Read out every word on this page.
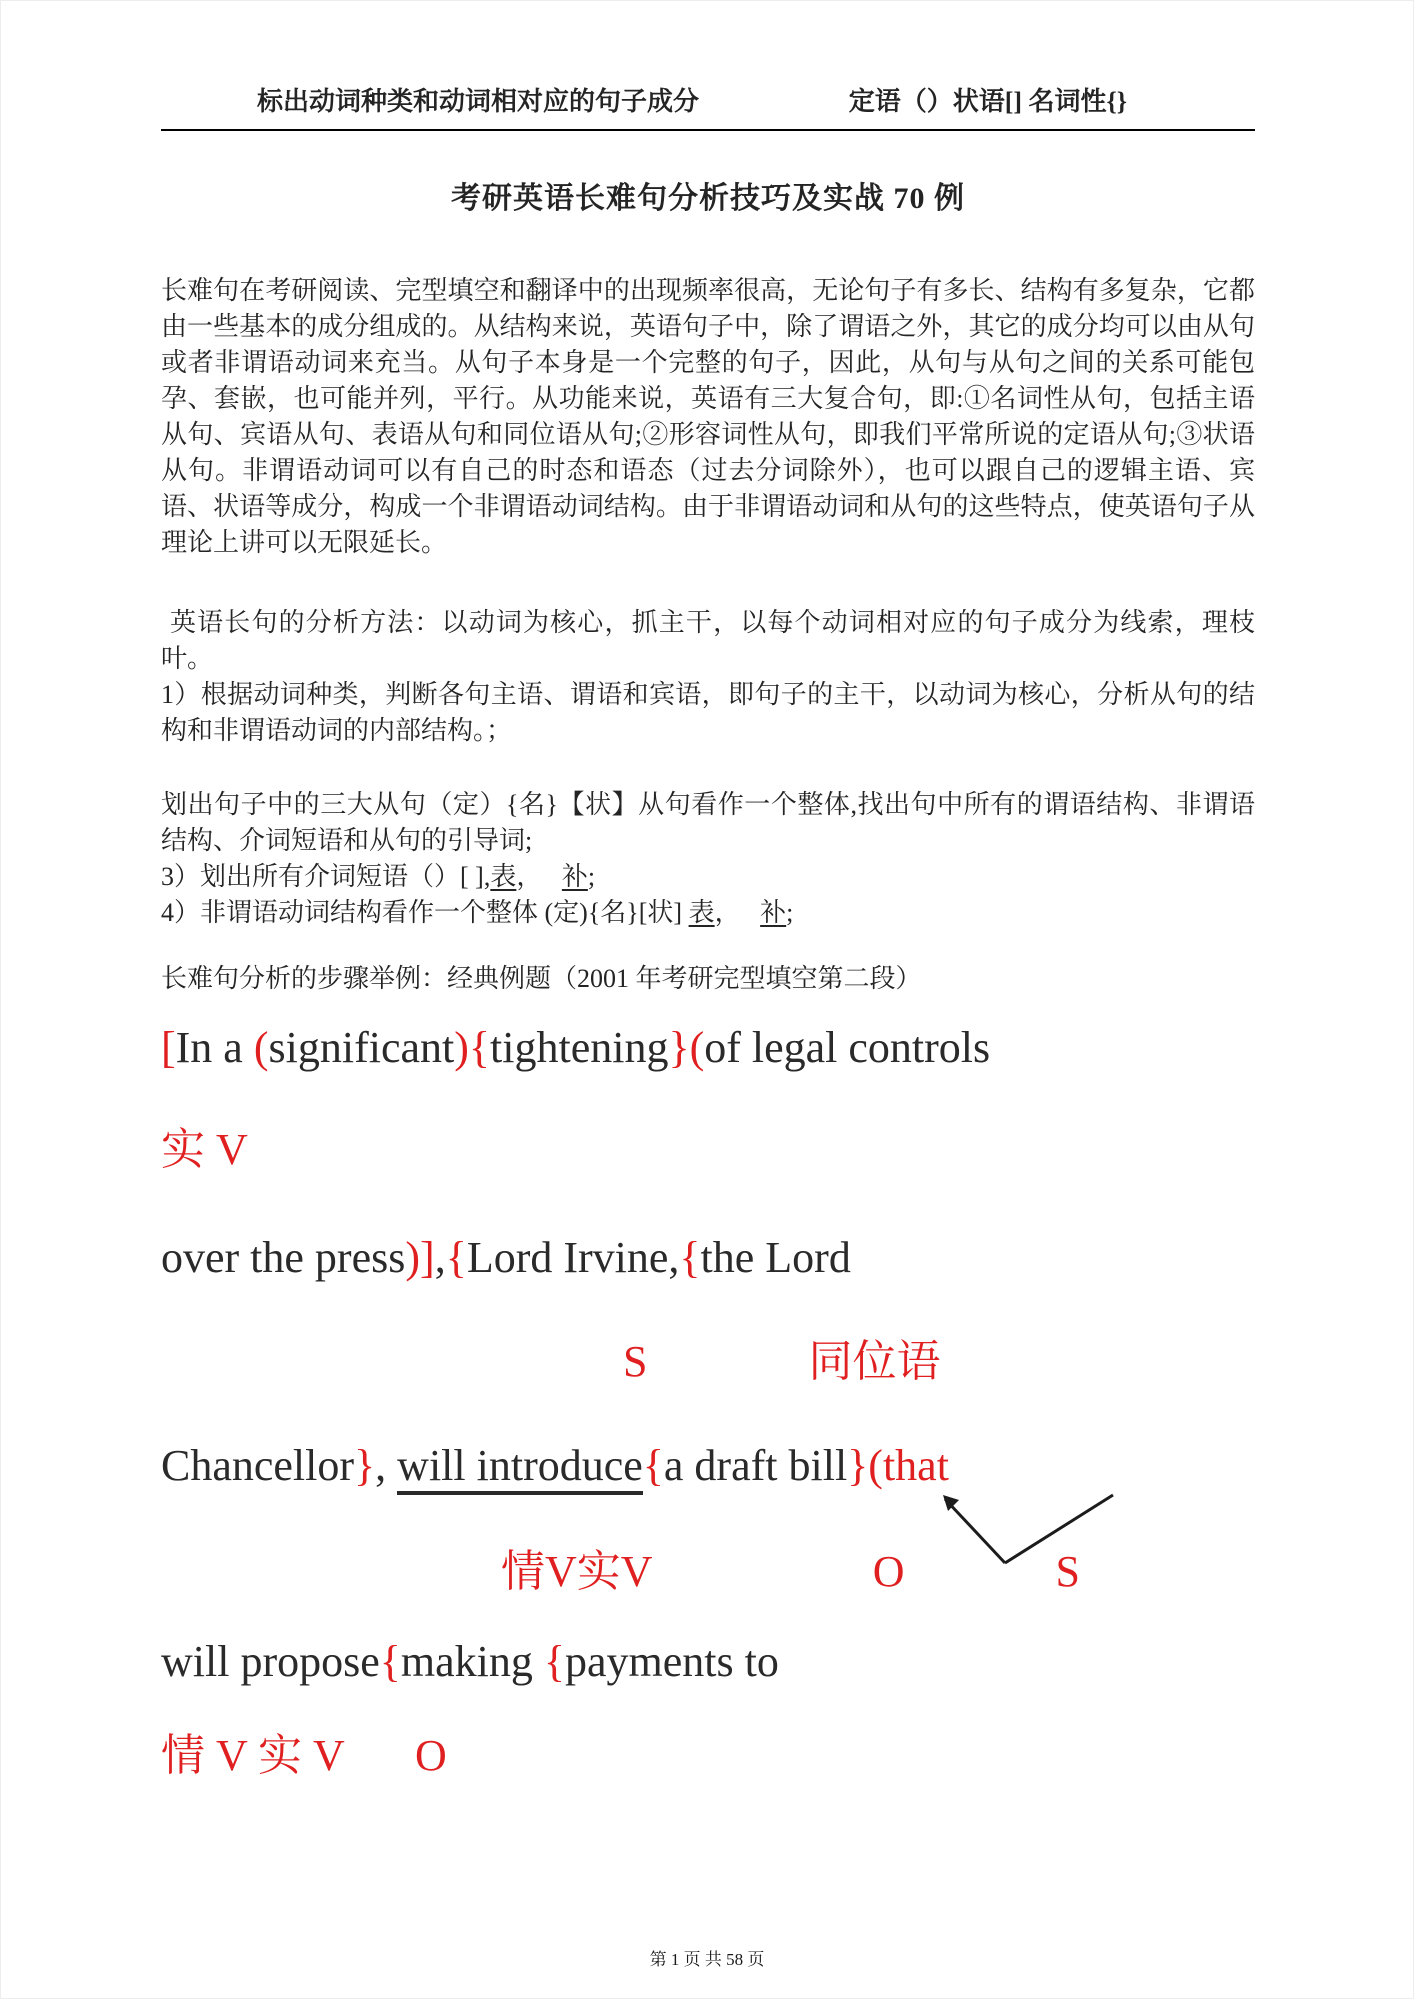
标出动词种类和动词相对应的句子成分	定语（）状语[] 名词性{}
考研英语长难句分析技巧及实战 70 例
长难句在考研阅读、完型填空和翻译中的出现频率很高，无论句子有多长、结构有多复杂，它都由一些基本的成分组成的。从结构来说，英语句子中，除了谓语之外，其它的成分均可以由从句或者非谓语动词来充当。从句子本身是一个完整的句子，因此，从句与从句之间的关系可能包孕、套嵌，也可能并列，平行。从功能来说，英语有三大复合句，即:①名词性从句，包括主语从句、宾语从句、表语从句和同位语从句;②形容词性从句，即我们平常所说的定语从句;③状语从句。非谓语动词可以有自己的时态和语态（过去分词除外），也可以跟自己的逻辑主语、宾语、状语等成分，构成一个非谓语动词结构。由于非谓语动词和从句的这些特点，使英语句子从理论上讲可以无限延长。
英语长句的分析方法：以动词为核心，抓主干，以每个动词相对应的句子成分为线索，理枝叶。
1）根据动词种类，判断各句主语、谓语和宾语，即句子的主干，以动词为核心，分析从句的结构和非谓语动词的内部结构。；
划出句子中的三大从句（定）{名}【状】从句看作一个整体,找出句中所有的谓语结构、非谓语结构、介词短语和从句的引导词;
3）划出所有介词短语（）[ ],表，   补;
4）非谓语动词结构看作一个整体 (定){名}[状] 表，   补;
长难句分析的步骤举例：经典例题（2001 年考研完型填空第二段）
[In a (significant){tightening}(of legal controls
实 V
over the press)],{Lord Irvine,{the Lord
S	同位语
Chancellor}, will introduce{a draft bill}(that
情V实V	O	S
will propose{making {payments to
情 V 实 V O
第 1 页 共 58 页
